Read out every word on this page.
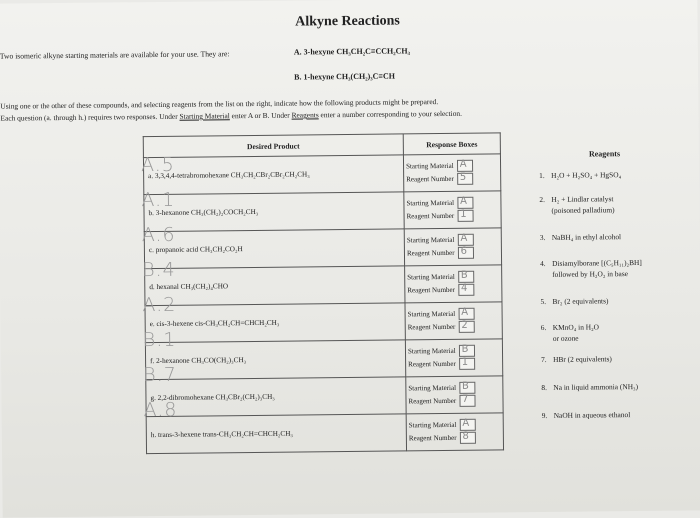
Alkyne Reactions
Two isomeric alkyne starting materials are available for your use. They are:	A. 3-hexyne CH₃CH₂C≡CCH₂CH₃
B. 1-hexyne CH₃(CH₂)₃C≡CH
Using one or the other of these compounds, and selecting reagents from the list on the right, indicate how the following products might be prepared.
Each question (a. through h.) requires two responses. Under Starting Material enter A or B. Under Reagents enter a number corresponding to your selection.
Desired Product	Response Boxes
a. 3,3,4,4-tetrabromohexane CH₃CH₂CBr₂CBr₂CH₂CH₃	Starting Material A
Reagent Number 5

b. 3-hexanone CH₃(CH₂)₂COCH₂CH₃	Starting Material A
Reagent Number 1

c. propanoic acid CH₃CH₂CO₂H	Starting Material A
Reagent Number 6

d. hexanal CH₃(CH₂)₄CHO	Starting Material B
Reagent Number 4

e. cis-3-hexene cis-CH₃CH₂CH=CHCH₂CH₃	Starting Material A
Reagent Number 2

f. 2-hexanone CH₃CO(CH₂)₃CH₃	Starting Material B
Reagent Number 1

g. 2,2-dibromohexane CH₃CBr₂(CH₂)₃CH₃	Starting Material B
Reagent Number 7

h. trans-3-hexene trans-CH₃CH₂CH=CHCH₂CH₃	Starting Material A
Reagent Number 8
A.5
A.1
A.6
B.4
A.2
B.1
B.7
A.8
Reagents
1. H₂O + H₂SO₄ + HgSO₄
2. H₂ + Lindlar catalyst
(poisoned palladium)
3. NaBH₄ in ethyl alcohol
4. Disiamylborane [(C₅H₁₁)₂BH]
followed by H₂O₂ in base
5. Br₂ (2 equivalents)
6. KMnO₄ in H₂O
or ozone
7. HBr (2 equivalents)
8. Na in liquid ammonia (NH₃)
9. NaOH in aqueous ethanol
